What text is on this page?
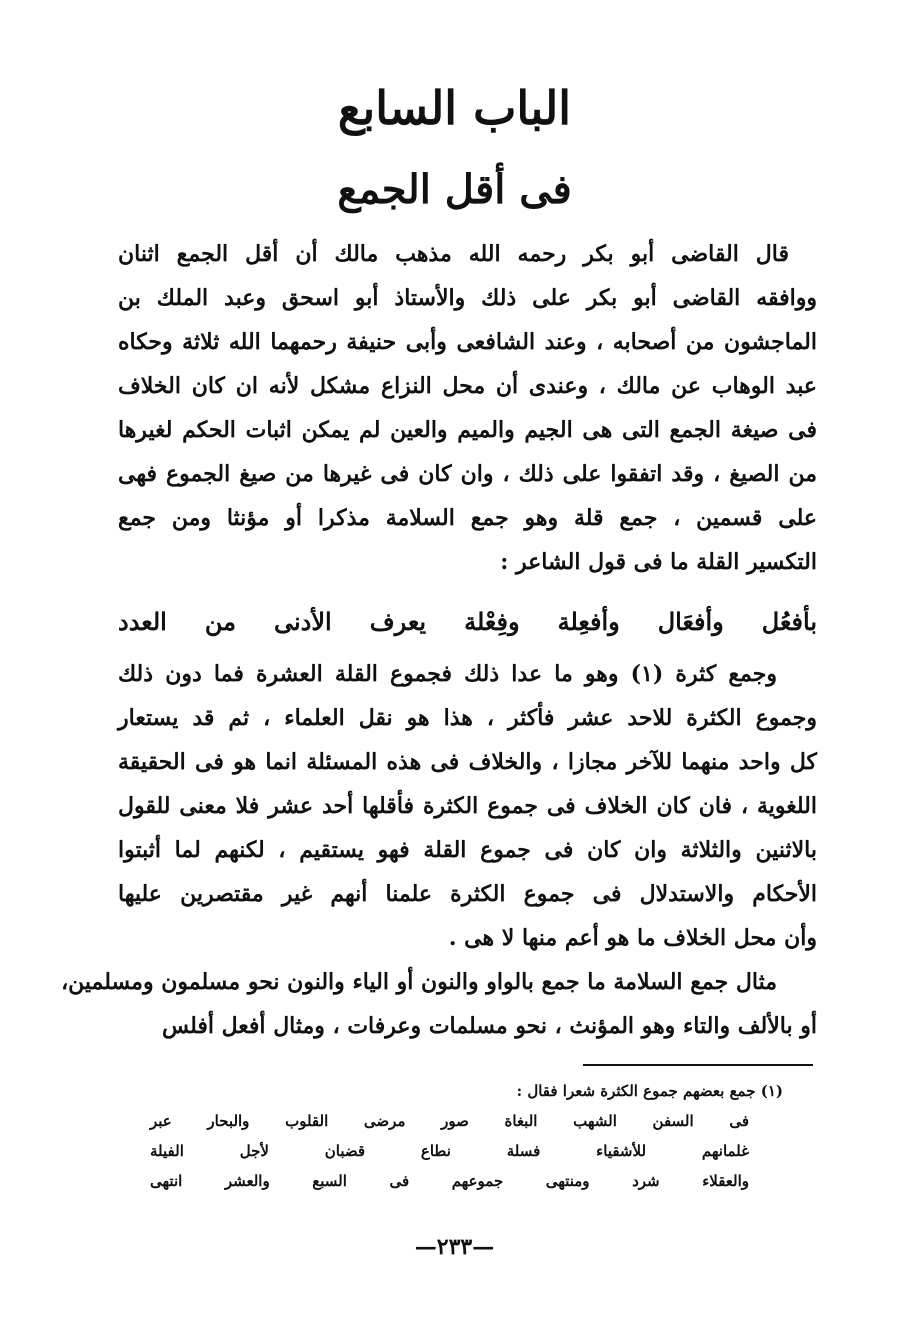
الباب السابع
فى أقل الجمع
قال القاضى أبو بكر رحمه الله مذهب مالك أن أقل الجمع اثنان
ووافقه القاضى أبو بكر على ذلك والأستاذ أبو اسحق وعبد الملك بن
الماجشون من أصحابه ، وعند الشافعى وأبى حنيفة رحمهما الله ثلاثة وحكاه
عبد الوهاب عن مالك ، وعندى أن محل النزاع مشكل لأنه ان كان الخلاف
فى صيغة الجمع التى هى الجيم والميم والعين لم يمكن اثبات الحكم لغيرها
من الصيغ ، وقد اتفقوا على ذلك ، وان كان فى غيرها من صيغ الجموع فهى
على قسمين ، جمع قلة وهو جمع السلامة مذكرا أو مؤنثا ومن جمع
التكسير القلة ما فى قول الشاعر :
بأفعُل وأفعَال وأفعِلة وفِعْلة يعرف الأدنى من العدد
وجمع كثرة (١) وهو ما عدا ذلك فجموع القلة العشرة فما دون ذلك
وجموع الكثرة للاحد عشر فأكثر ، هذا هو نقل العلماء ، ثم قد يستعار
كل واحد منهما للآخر مجازا ، والخلاف فى هذه المسئلة انما هو فى الحقيقة
اللغوية ، فان كان الخلاف فى جموع الكثرة فأقلها أحد عشر فلا معنى للقول
بالاثنين والثلاثة وان كان فى جموع القلة فهو يستقيم ، لكنهم لما أثبتوا
الأحكام والاستدلال فى جموع الكثرة علمنا أنهم غير مقتصرين عليها
وأن محل الخلاف ما هو أعم منها لا هى .
مثال جمع السلامة ما جمع بالواو والنون أو الياء والنون نحو مسلمون ومسلمين،
أو بالألف والتاء وهو المؤنث ، نحو مسلمات وعرفات ، ومثال أفعل أفلس
(١) جمع بعضهم جموع الكثرة شعرا فقال :
فى السفن الشهب البغاة صور مرضى القلوب والبحار عبر
غلمانهم للأشقياء فسلة نطاع قضبان لأجل الفيلة
والعقلاء شرد ومنتهى جموعهم فى السبع والعشر انتهى
—٢٣٣—
